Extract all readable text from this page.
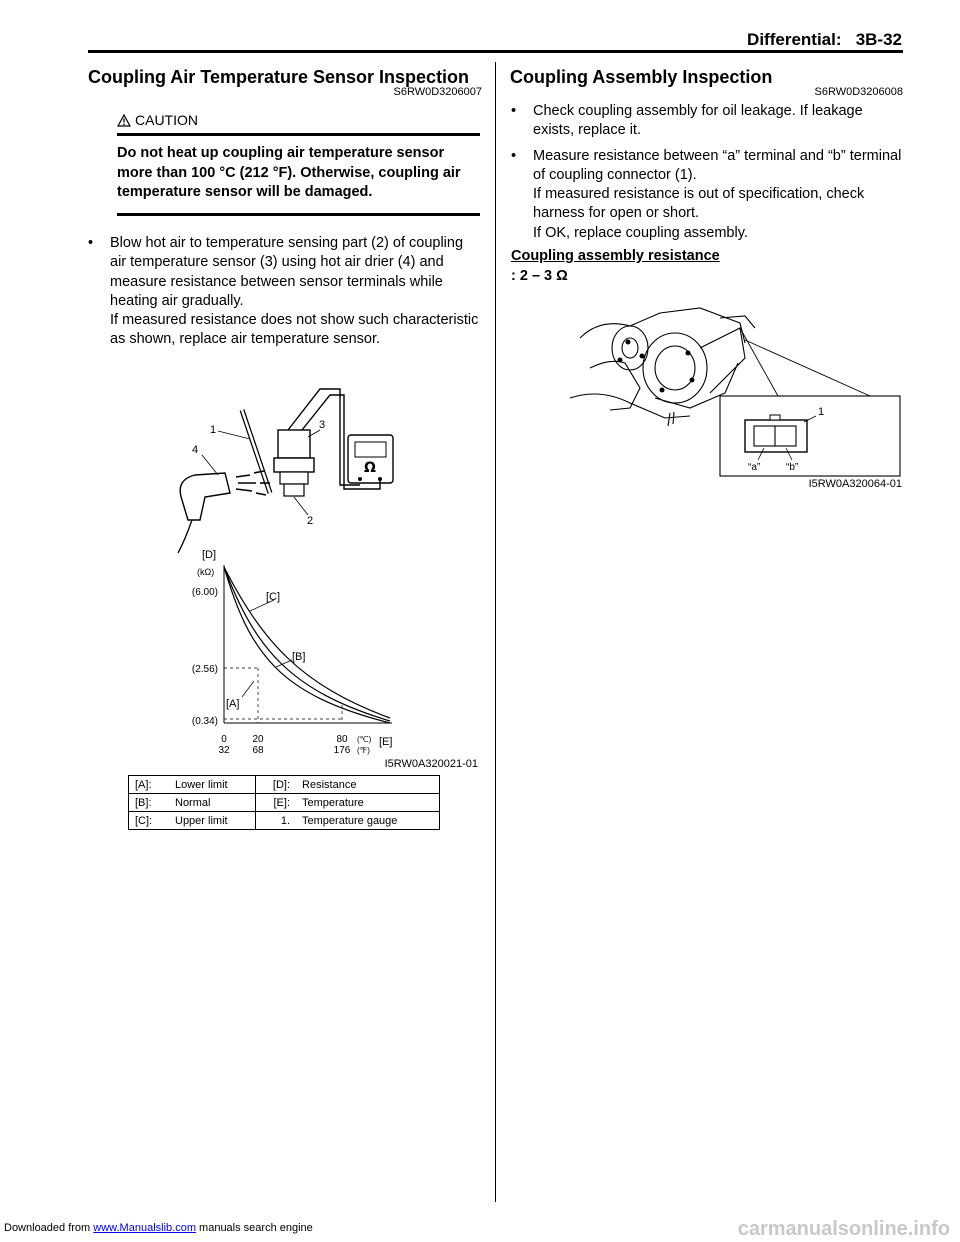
Differential: 3B-32
Coupling Air Temperature Sensor Inspection
S6RW0D3206007
CAUTION
Do not heat up coupling air temperature sensor more than 100 °C (212 °F). Otherwise, coupling air temperature sensor will be damaged.
•	Blow hot air to temperature sensing part (2) of coupling air temperature sensor (3) using hot air drier (4) and measure resistance between sensor terminals while heating air gradually.
If measured resistance does not show such characteristic as shown, replace air temperature sensor.
Ω
1
4
3
2
[D]
(kΩ)
(6.00)
(2.56)
(0.34)
0	20	80
32 68	176
(℃)
(℉)
[E]
[C]
[B]
[A]
I5RW0A320021-01
[A]:	Lower limit	[D]:	Resistance
[B]:	Normal	[E]:	Temperature
[C]:	Upper limit	1.	Temperature gauge
Coupling Assembly Inspection
S6RW0D3206008
•	Check coupling assembly for oil leakage. If leakage exists, replace it.
•	Measure resistance between “a” terminal and “b” terminal of coupling connector (1).
If measured resistance is out of specification, check harness for open or short.
If OK, replace coupling assembly.
Coupling assembly resistance
: 2 – 3 Ω
1
“a”	“b”
I5RW0A320064-01
Downloaded from www.Manualslib.com manuals search engine	carmanualsonline.info
